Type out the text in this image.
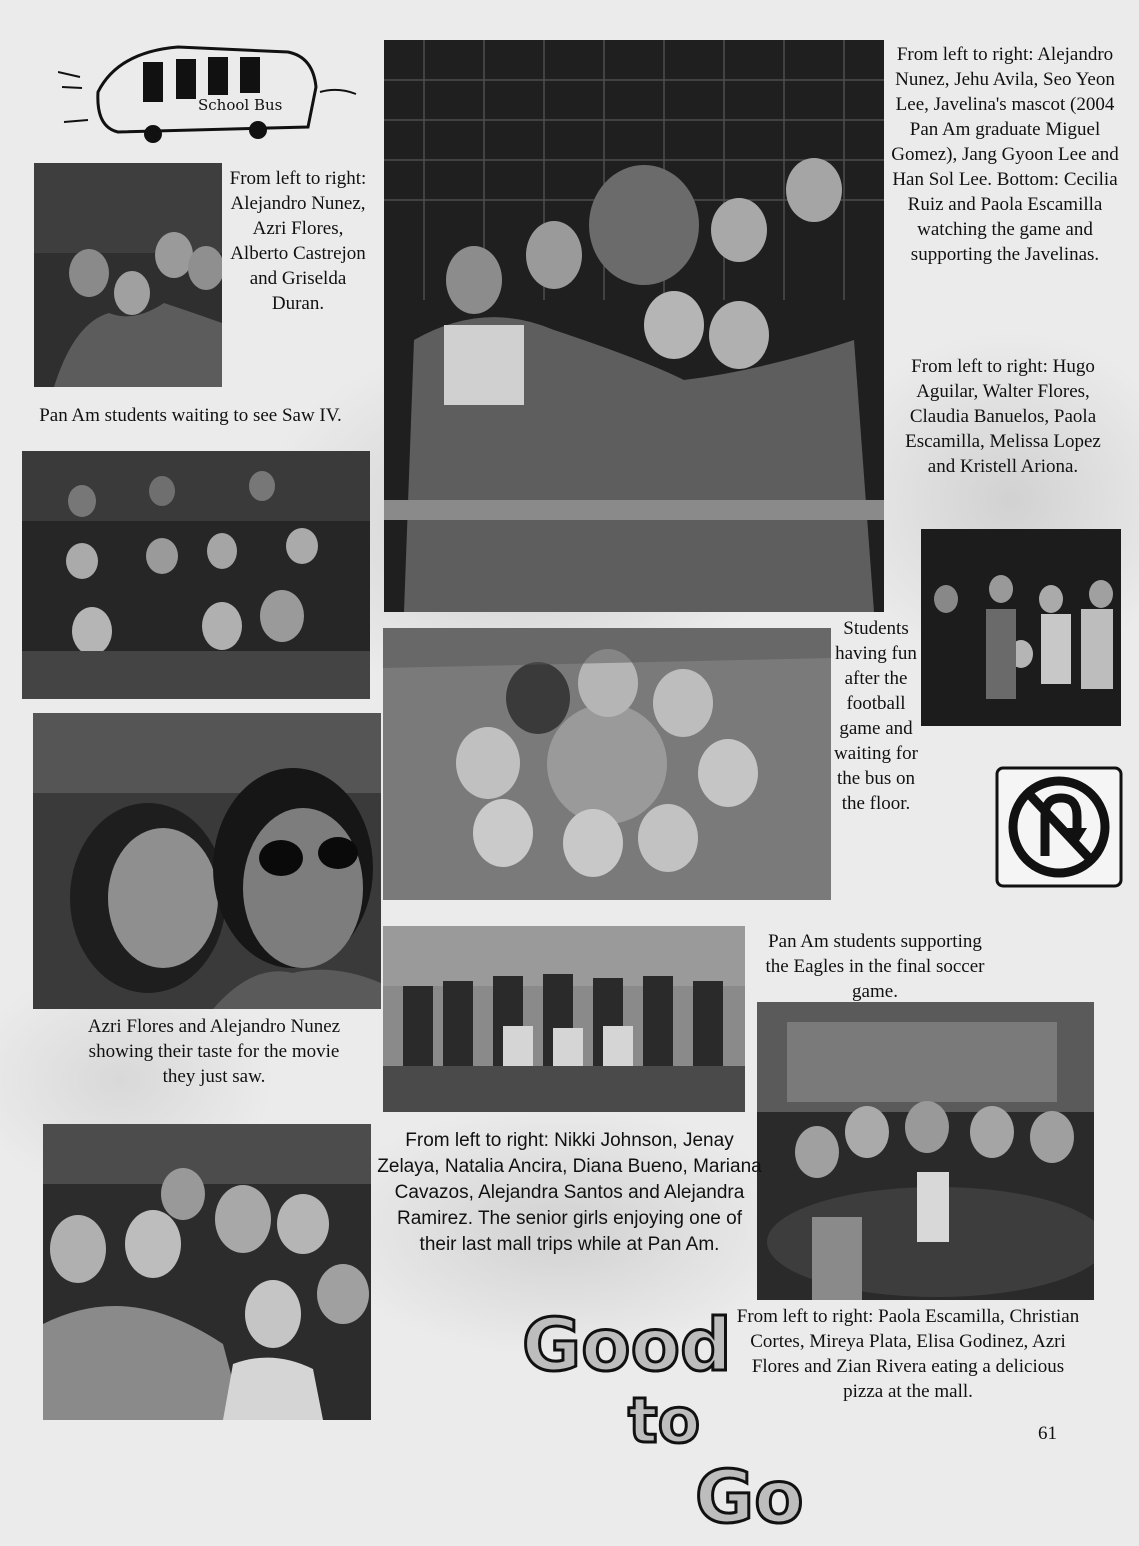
School Bus
From left to right: Alejandro Nunez, Azri Flores, Alberto Castrejon and Griselda Duran.
Pan Am students waiting to see Saw IV.
From left to right: Alejandro Nunez, Jehu Avila, Seo Yeon Lee, Javelina's mascot (2004 Pan Am graduate Miguel Gomez), Jang Gyoon Lee and Han Sol Lee. Bottom: Cecilia Ruiz and Paola Escamilla watching the game and supporting the Javelinas.
From left to right: Hugo Aguilar, Walter Flores, Claudia Banuelos, Paola Escamilla, Melissa Lopez and Kristell Ariona.
Students having fun after the football game and waiting for the bus on the floor.
Azri Flores and Alejandro Nunez showing their taste for the movie they just saw.
Pan Am students supporting the Eagles in the final soccer game.
From left to right: Nikki Johnson, Jenay Zelaya, Natalia Ancira, Diana Bueno, Mariana Cavazos, Alejandra Santos and Alejandra Ramirez. The senior girls enjoying one of their last mall trips while at Pan Am.
Good
to
Go
From left to right: Paola Escamilla, Christian Cortes, Mireya Plata, Elisa Godinez, Azri Flores and Zian Rivera eating a delicious pizza at the mall.
61
